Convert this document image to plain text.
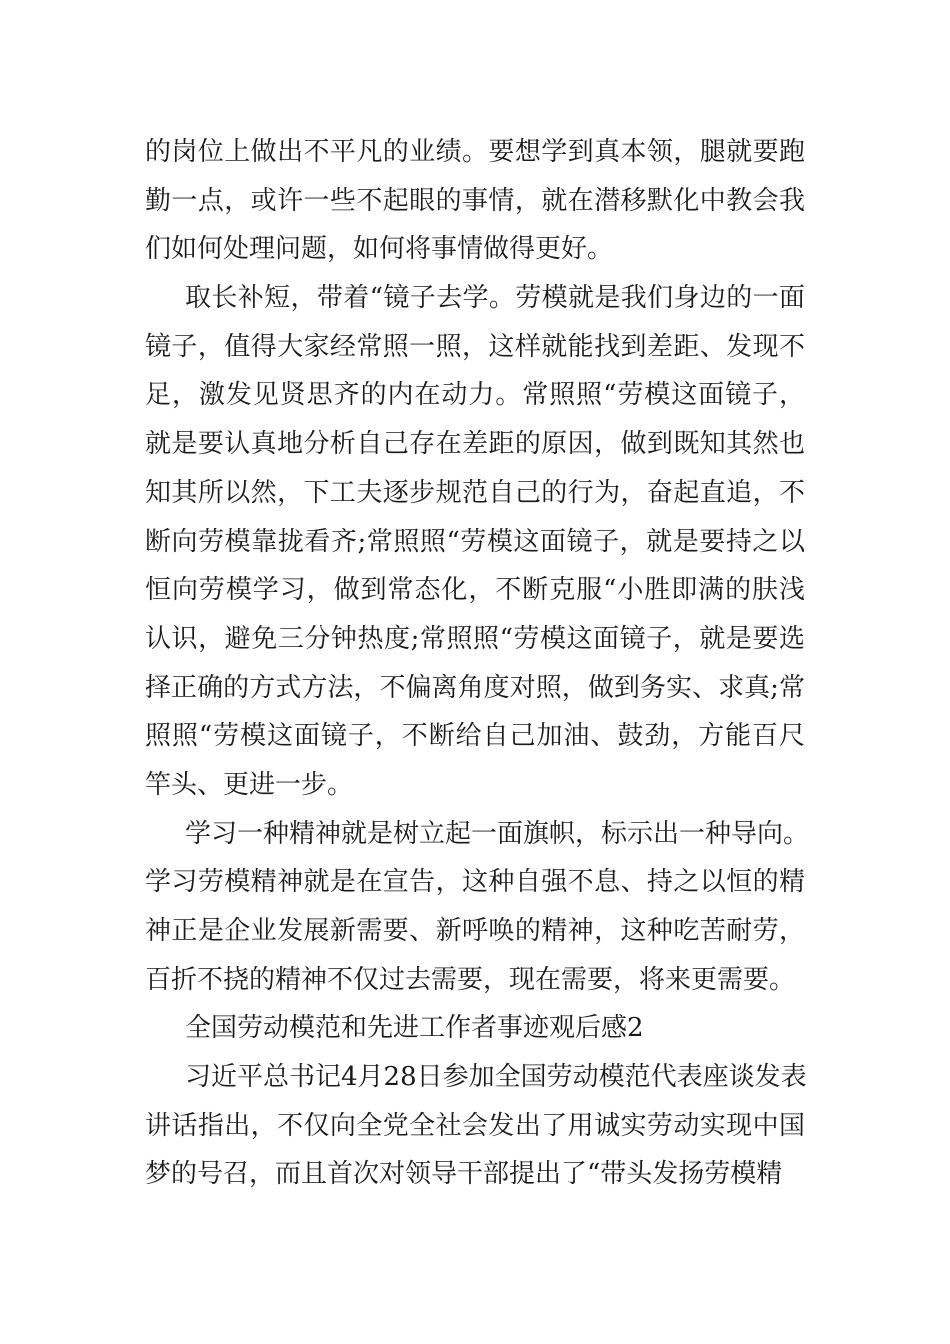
的岗位上做出不平凡的业绩。要想学到真本领，腿就要跑
勤一点，或许一些不起眼的事情，就在潜移默化中教会我
们如何处理问题，如何将事情做得更好。
取长补短，带着“镜子去学。劳模就是我们身边的一面
镜子，值得大家经常照一照，这样就能找到差距、发现不
足，激发见贤思齐的内在动力。常照照“劳模这面镜子，
就是要认真地分析自己存在差距的原因，做到既知其然也
知其所以然，下工夫逐步规范自己的行为，奋起直追，不
断向劳模靠拢看齐;常照照“劳模这面镜子，就是要持之以
恒向劳模学习，做到常态化，不断克服“小胜即满的肤浅
认识，避免三分钟热度;常照照“劳模这面镜子，就是要选
择正确的方式方法，不偏离角度对照，做到务实、求真;常
照照“劳模这面镜子，不断给自己加油、鼓劲，方能百尺
竿头、更进一步。
学习一种精神就是树立起一面旗帜，标示出一种导向。
学习劳模精神就是在宣告，这种自强不息、持之以恒的精
神正是企业发展新需要、新呼唤的精神，这种吃苦耐劳，
百折不挠的精神不仅过去需要，现在需要，将来更需要。
全国劳动模范和先进工作者事迹观后感2
习近平总书记4月28日参加全国劳动模范代表座谈发表
讲话指出，不仅向全党全社会发出了用诚实劳动实现中国
梦的号召，而且首次对领导干部提出了“带头发扬劳模精
